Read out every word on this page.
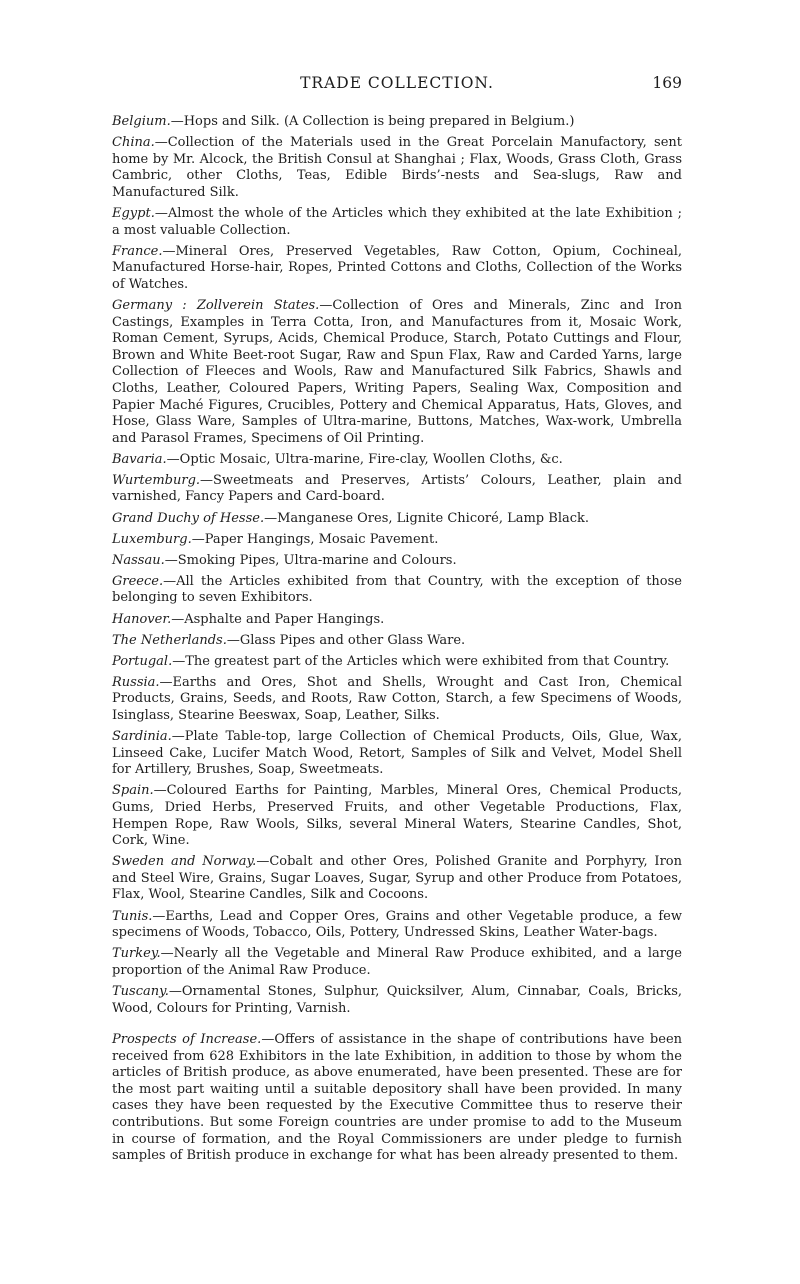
TRADE COLLECTION.	169

Belgium.—Hops and Silk. (A Collection is being prepared in Belgium.)

China.—Collection of the Materials used in the Great Porcelain Manufactory, sent home by Mr. Alcock, the British Consul at Shanghai ; Flax, Woods, Grass Cloth, Grass Cambric, other Cloths, Teas, Edible Birds’-nests and Sea-slugs, Raw and Manufactured Silk.

Egypt.—Almost the whole of the Articles which they exhibited at the late Exhibition ; a most valuable Collection.

France.—Mineral Ores, Preserved Vegetables, Raw Cotton, Opium, Cochineal, Manufactured Horse-hair, Ropes, Printed Cottons and Cloths, Collection of the Works of Watches.

Germany : Zollverein States.—Collection of Ores and Minerals, Zinc and Iron Castings, Examples in Terra Cotta, Iron, and Manufactures from it, Mosaic Work, Roman Cement, Syrups, Acids, Chemical Produce, Starch, Potato Cuttings and Flour, Brown and White Beet-root Sugar, Raw and Spun Flax, Raw and Carded Yarns, large Collection of Fleeces and Wools, Raw and Manufactured Silk Fabrics, Shawls and Cloths, Leather, Coloured Papers, Writing Papers, Sealing Wax, Composition and Papier Maché Figures, Crucibles, Pottery and Chemical Apparatus, Hats, Gloves, and Hose, Glass Ware, Samples of Ultra-marine, Buttons, Matches, Wax-work, Umbrella and Parasol Frames, Specimens of Oil Printing.

Bavaria.—Optic Mosaic, Ultra-marine, Fire-clay, Woollen Cloths, &c.

Wurtemburg.—Sweetmeats and Preserves, Artists’ Colours, Leather, plain and varnished, Fancy Papers and Card-board.

Grand Duchy of Hesse.—Manganese Ores, Lignite Chicoré, Lamp Black.

Luxemburg.—Paper Hangings, Mosaic Pavement.

Nassau.—Smoking Pipes, Ultra-marine and Colours.

Greece.—All the Articles exhibited from that Country, with the exception of those belonging to seven Exhibitors.

Hanover.—Asphalte and Paper Hangings.

The Netherlands.—Glass Pipes and other Glass Ware.

Portugal.—The greatest part of the Articles which were exhibited from that Country.

Russia.—Earths and Ores, Shot and Shells, Wrought and Cast Iron, Chemical Products, Grains, Seeds, and Roots, Raw Cotton, Starch, a few Specimens of Woods, Isinglass, Stearine Beeswax, Soap, Leather, Silks.

Sardinia.—Plate Table-top, large Collection of Chemical Products, Oils, Glue, Wax, Linseed Cake, Lucifer Match Wood, Retort, Samples of Silk and Velvet, Model Shell for Artillery, Brushes, Soap, Sweetmeats.

Spain.—Coloured Earths for Painting, Marbles, Mineral Ores, Chemical Products, Gums, Dried Herbs, Preserved Fruits, and other Vegetable Productions, Flax, Hempen Rope, Raw Wools, Silks, several Mineral Waters, Stearine Candles, Shot, Cork, Wine.

Sweden and Norway.—Cobalt and other Ores, Polished Granite and Porphyry, Iron and Steel Wire, Grains, Sugar Loaves, Sugar, Syrup and other Produce from Potatoes, Flax, Wool, Stearine Candles, Silk and Cocoons.

Tunis.—Earths, Lead and Copper Ores, Grains and other Vegetable produce, a few specimens of Woods, Tobacco, Oils, Pottery, Undressed Skins, Leather Water-bags.

Turkey.—Nearly all the Vegetable and Mineral Raw Produce exhibited, and a large proportion of the Animal Raw Produce.

Tuscany.—Ornamental Stones, Sulphur, Quicksilver, Alum, Cinnabar, Coals, Bricks, Wood, Colours for Printing, Varnish.

Prospects of Increase.—Offers of assistance in the shape of contributions have been received from 628 Exhibitors in the late Exhibition, in addition to those by whom the articles of British produce, as above enumerated, have been presented. These are for the most part waiting until a suitable depository shall have been provided. In many cases they have been requested by the Executive Committee thus to reserve their contributions. But some Foreign countries are under promise to add to the Museum in course of formation, and the Royal Commissioners are under pledge to furnish samples of British produce in exchange for what has been already presented to them.
